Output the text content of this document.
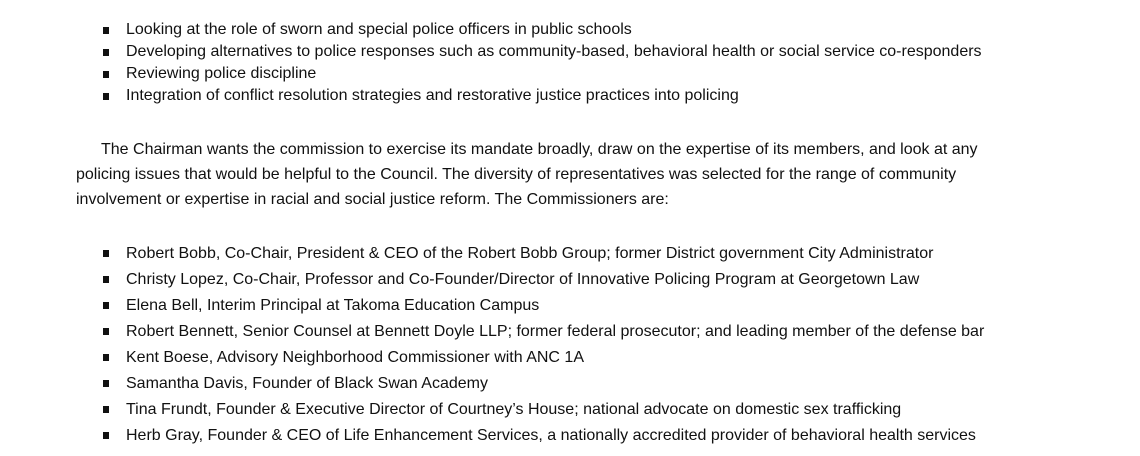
Looking at the role of sworn and special police officers in public schools
Developing alternatives to police responses such as community-based, behavioral health or social service co-responders
Reviewing police discipline
Integration of conflict resolution strategies and restorative justice practices into policing

The Chairman wants the commission to exercise its mandate broadly, draw on the expertise of its members, and look at any
policing issues that would be helpful to the Council. The diversity of representatives was selected for the range of community
involvement or expertise in racial and social justice reform. The Commissioners are:

Robert Bobb, Co-Chair, President & CEO of the Robert Bobb Group; former District government City Administrator
Christy Lopez, Co-Chair, Professor and Co-Founder/Director of Innovative Policing Program at Georgetown Law
Elena Bell, Interim Principal at Takoma Education Campus
Robert Bennett, Senior Counsel at Bennett Doyle LLP; former federal prosecutor; and leading member of the defense bar
Kent Boese, Advisory Neighborhood Commissioner with ANC 1A
Samantha Davis, Founder of Black Swan Academy
Tina Frundt, Founder & Executive Director of Courtney’s House; national advocate on domestic sex trafficking
Herb Gray, Founder & CEO of Life Enhancement Services, a nationally accredited provider of behavioral health services
